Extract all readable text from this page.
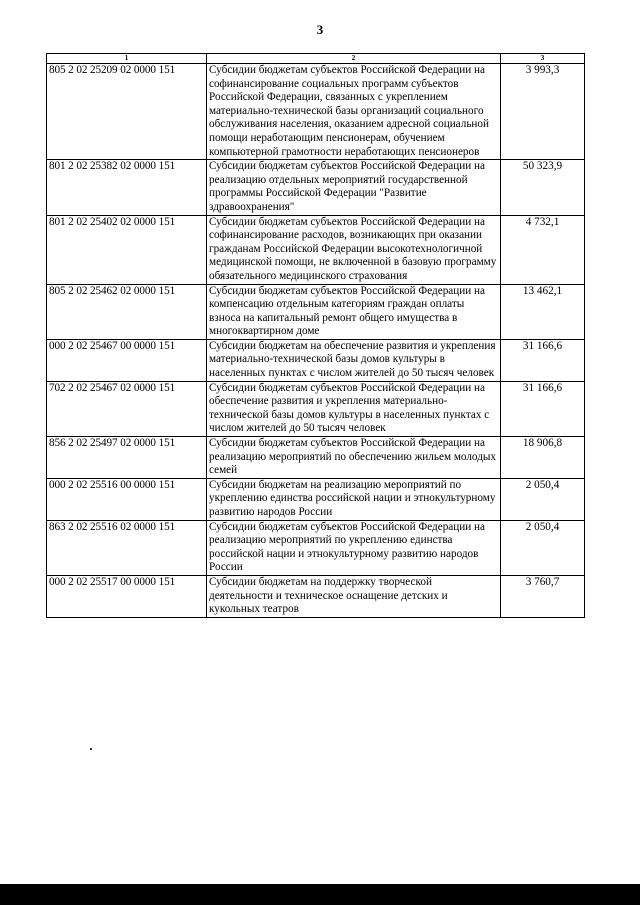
3
1	2	3
805 2 02 25209 02 0000 151	Субсидии бюджетам субъектов Российской Федерации на софинансирование социальных программ субъектов Российской Федерации, связанных с укреплением материально-технической базы организаций социального обслуживания населения, оказанием адресной социальной помощи неработающим пенсионерам, обучением компьютерной грамотности неработающих пенсионеров	3 993,3
801 2 02 25382 02 0000 151	Субсидии бюджетам субъектов Российской Федерации на реализацию отдельных мероприятий государственной программы Российской Федерации "Развитие здравоохранения"	50 323,9
801 2 02 25402 02 0000 151	Субсидии бюджетам субъектов Российской Федерации на софинансирование расходов, возникающих при оказании гражданам Российской Федерации высокотехнологичной медицинской помощи, не включенной в базовую программу обязательного медицинского страхования	4 732,1
805 2 02 25462 02 0000 151	Субсидии бюджетам субъектов Российской Федерации на компенсацию отдельным категориям граждан оплаты взноса на капитальный ремонт общего имущества в многоквартирном доме	13 462,1
000 2 02 25467 00 0000 151	Субсидии бюджетам на обеспечение развития и укрепления материально-технической базы домов культуры в населенных пунктах с числом жителей до 50 тысяч человек	31 166,6
702 2 02 25467 02 0000 151	Субсидии бюджетам субъектов Российской Федерации на обеспечение развития и укрепления материально-технической базы домов культуры в населенных пунктах с числом жителей до 50 тысяч человек	31 166,6
856 2 02 25497 02 0000 151	Субсидии бюджетам субъектов Российской Федерации на реализацию мероприятий по обеспечению жильем молодых семей	18 906,8
000 2 02 25516 00 0000 151	Субсидии бюджетам на реализацию мероприятий по укреплению единства российской нации и этнокультурному развитию народов России	2 050,4
863 2 02 25516 02 0000 151	Субсидии бюджетам субъектов Российской Федерации на реализацию мероприятий по укреплению единства российской нации и этнокультурному развитию народов России	2 050,4
000 2 02 25517 00 0000 151	Субсидии бюджетам на поддержку творческой деятельности и техническое оснащение детских и кукольных театров	3 760,7
